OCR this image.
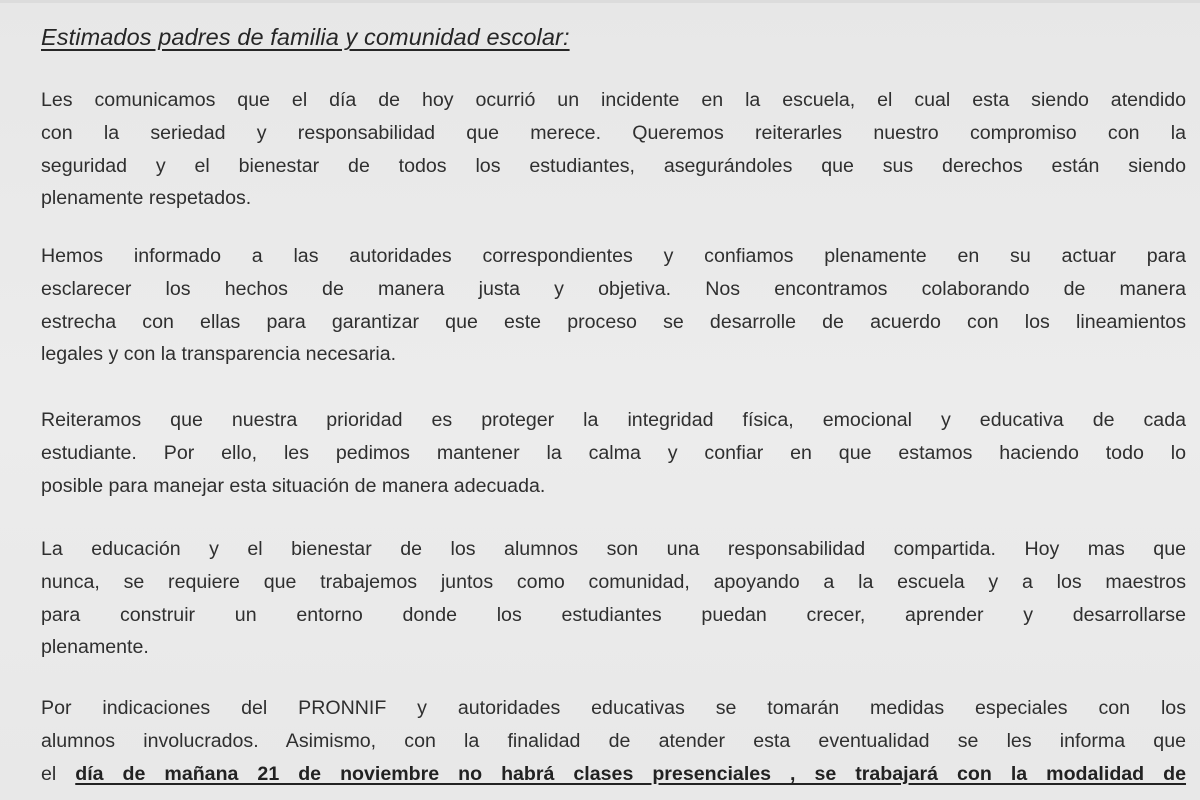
Estimados padres de familia y comunidad escolar:
Les comunicamos que el día de hoy ocurrió un incidente en la escuela, el cual esta siendo atendido
con la seriedad y responsabilidad que merece. Queremos reiterarles nuestro compromiso con la
seguridad y el bienestar de todos los estudiantes, asegurándoles que sus derechos están siendo
plenamente respetados.
Hemos informado a las autoridades correspondientes y confiamos plenamente en su actuar para
esclarecer los hechos de manera justa y objetiva. Nos encontramos colaborando de manera
estrecha con ellas para garantizar que este proceso se desarrolle de acuerdo con los lineamientos
legales y con la transparencia necesaria.
Reiteramos que nuestra prioridad es proteger la integridad física, emocional y educativa de cada
estudiante. Por ello, les pedimos mantener la calma y confiar en que estamos haciendo todo lo
posible para manejar esta situación de manera adecuada.
La educación y el bienestar de los alumnos son una responsabilidad compartida. Hoy mas que
nunca, se requiere que trabajemos juntos como comunidad, apoyando a la escuela y a los maestros
para construir un entorno donde los estudiantes puedan crecer, aprender y desarrollarse
plenamente.
Por indicaciones del PRONNIF y autoridades educativas se tomarán medidas especiales con los
alumnos involucrados. Asimismo, con la finalidad de atender esta eventualidad se les informa que
el día de mañana 21 de noviembre no habrá clases presenciales , se trabajará con la modalidad de
